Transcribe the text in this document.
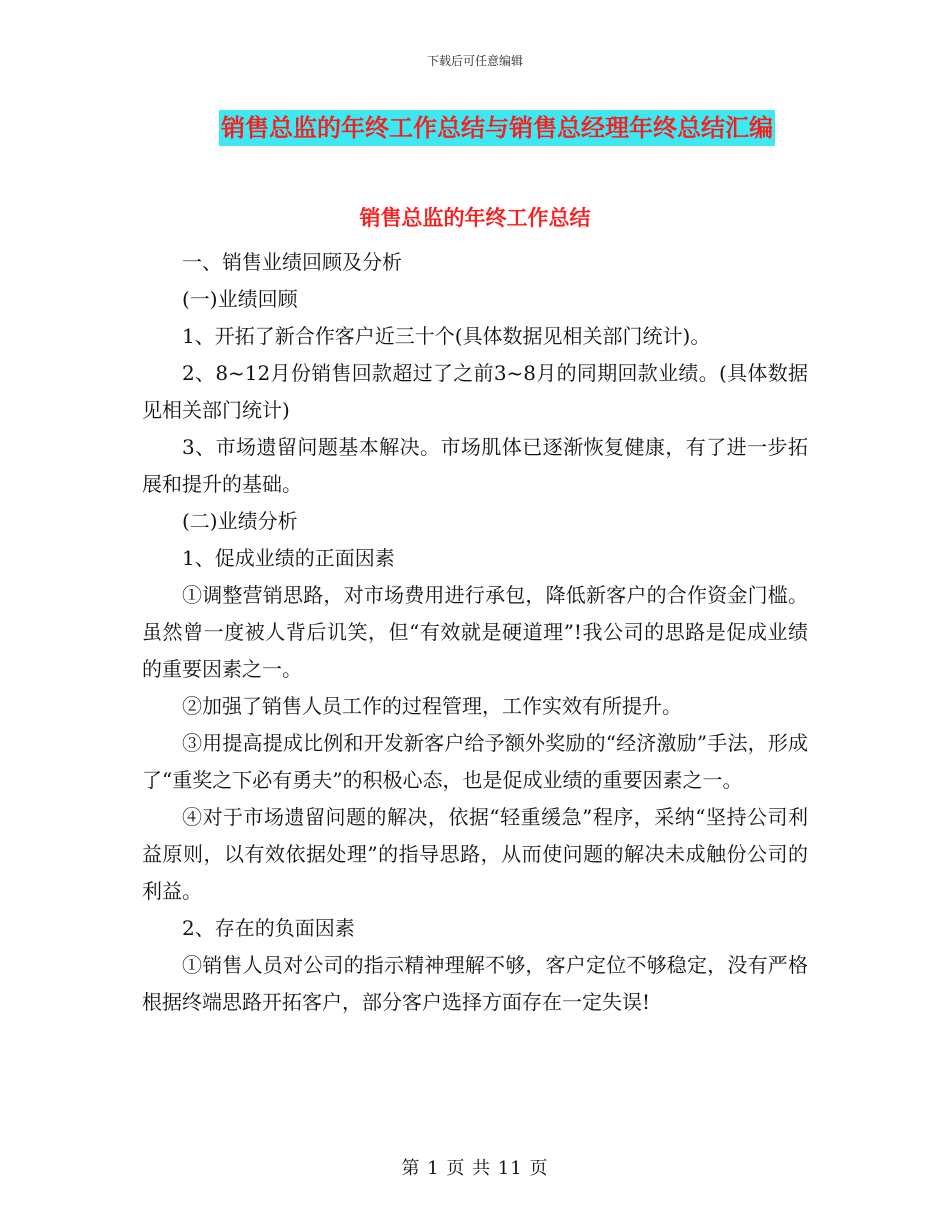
下载后可任意编辑
销售总监的年终工作总结与销售总经理年终总结汇编
销售总监的年终工作总结

一、销售业绩回顾及分析

(一)业绩回顾

1、开拓了新合作客户近三十个(具体数据见相关部门统计)。

2、8~12月份销售回款超过了之前3~8月的同期回款业绩。(具体数据见相关部门统计)

3、市场遗留问题基本解决。市场肌体已逐渐恢复健康，有了进一步拓展和提升的基础。

(二)业绩分析

1、促成业绩的正面因素

①调整营销思路，对市场费用进行承包，降低新客户的合作资金门槛。虽然曾一度被人背后讥笑，但“有效就是硬道理”!我公司的思路是促成业绩的重要因素之一。

②加强了销售人员工作的过程管理，工作实效有所提升。

③用提高提成比例和开发新客户给予额外奖励的“经济激励”手法，形成了“重奖之下必有勇夫”的积极心态，也是促成业绩的重要因素之一。

④对于市场遗留问题的解决，依据“轻重缓急”程序，采纳“坚持公司利益原则，以有效依据处理”的指导思路，从而使问题的解决未成触份公司的利益。

2、存在的负面因素

①销售人员对公司的指示精神理解不够，客户定位不够稳定，没有严格根据终端思路开拓客户，部分客户选择方面存在一定失误!

第 1 页 共 11 页
